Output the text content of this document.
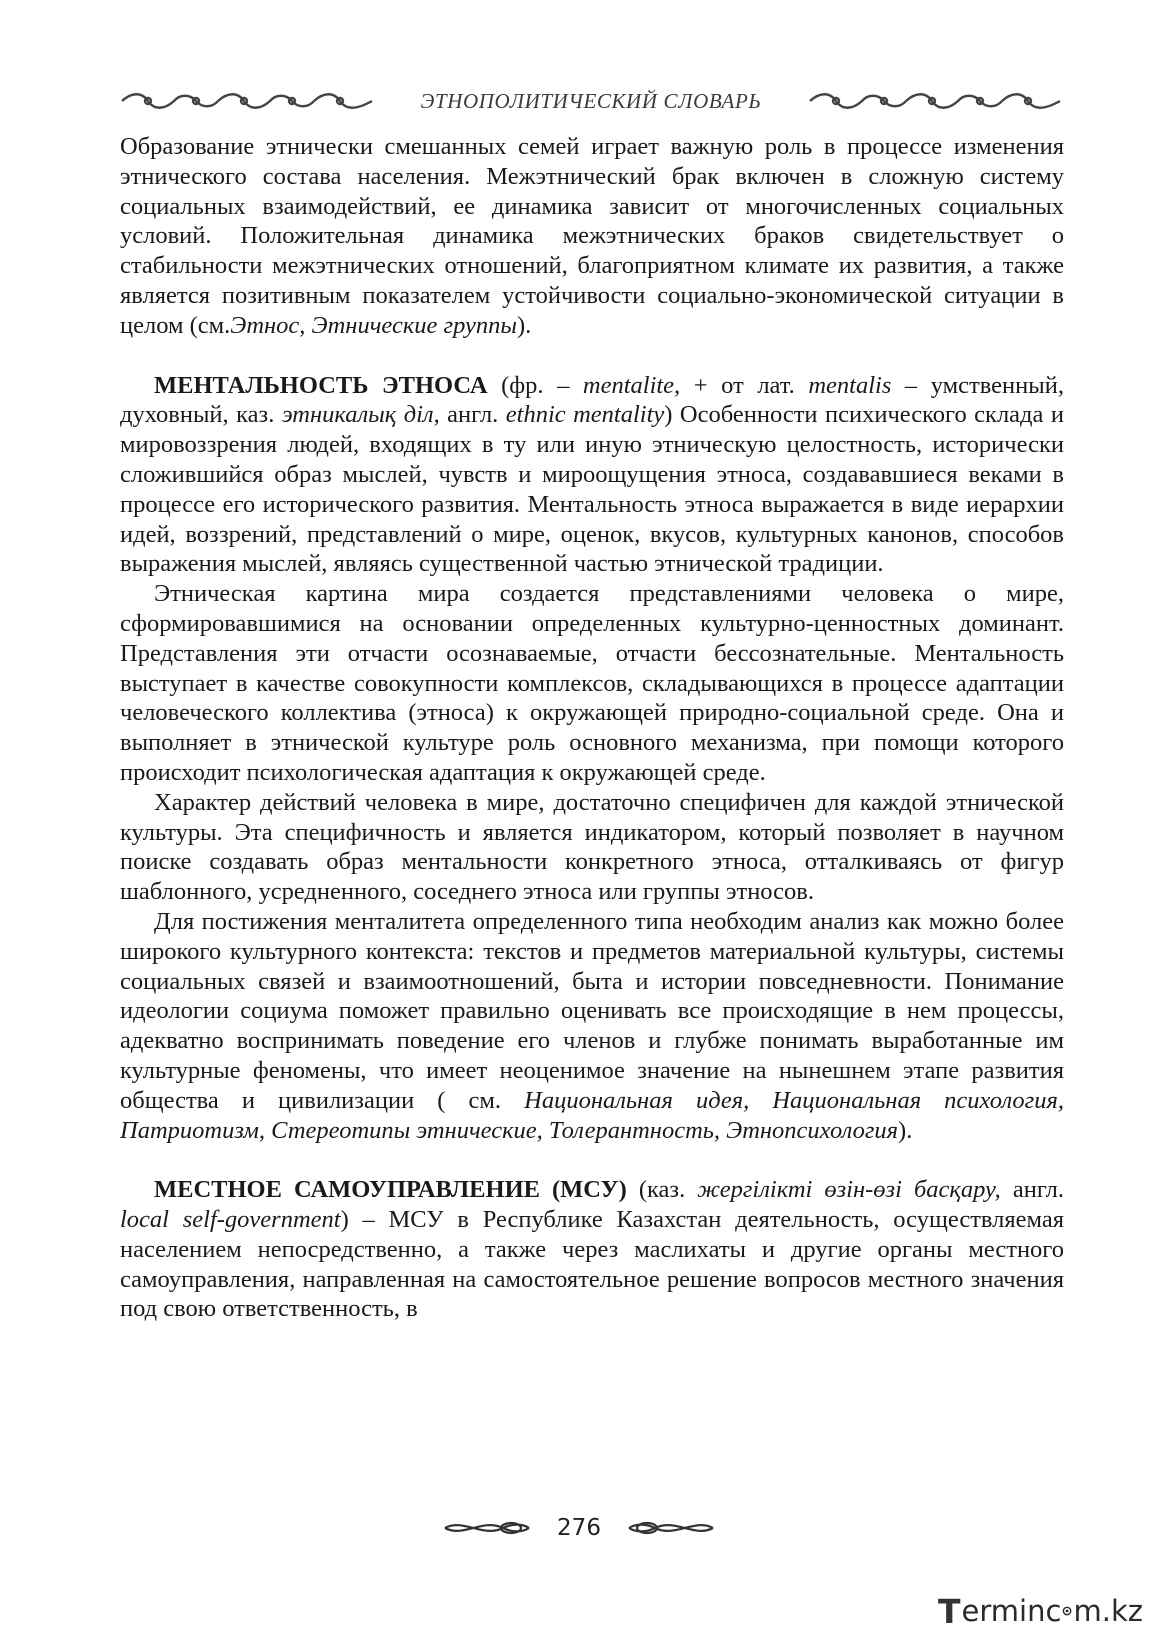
ЭТНОПОЛИТИЧЕСКИЙ СЛОВАРЬ

Образование этнически смешанных семей играет важную роль в процессе изменения этнического состава населения. Межэтнический брак включен в сложную систему социальных взаимодействий, ее динамика зависит от многочисленных социальных условий. Положительная динамика межэтнических браков свидетельствует о стабильности межэтнических отношений, благоприятном климате их развития, а также является позитивным показателем устойчивости социально-экономической ситуации в целом (см.Этнос, Этнические группы).

МЕНТАЛЬНОСТЬ ЭТНОСА (фр. – mentalite, + от лат. mentalis – умственный, духовный, каз. этникалық діл, англ. ethnic mentality) Особенности психического склада и мировоззрения людей, входящих в ту или иную этническую целостность, исторически сложившийся образ мыслей, чувств и мироощущения этноса, создававшиеся веками в процессе его исторического развития. Ментальность этноса выражается в виде иерархии идей, воззрений, представлений о мире, оценок, вкусов, культурных канонов, способов выражения мыслей, являясь существенной частью этнической традиции.

Этническая картина мира создается представлениями человека о мире, сформировавшимися на основании определенных культурно-ценностных доминант. Представления эти отчасти осознаваемые, отчасти бессознательные. Ментальность выступает в качестве совокупности комплексов, складывающихся в процессе адаптации человеческого коллектива (этноса) к окружающей природно-социальной среде. Она и выполняет в этнической культуре роль основного механизма, при помощи которого происходит психологическая адаптация к окружающей среде.

Характер действий человека в мире, достаточно специфичен для каждой этнической культуры. Эта специфичность и является индикатором, который позволяет в научном поиске создавать образ ментальности конкретного этноса, отталкиваясь от фигур шаблонного, усредненного, соседнего этноса или группы этносов.

Для постижения менталитета определенного типа необходим анализ как можно более широкого культурного контекста: текстов и предметов материальной культуры, системы социальных связей и взаимоотношений, быта и истории повседневности. Понимание идеологии социума поможет правильно оценивать все происходящие в нем процессы, адекватно воспринимать поведение его членов и глубже понимать выработанные им культурные феномены, что имеет неоценимое значение на нынешнем этапе развития общества и цивилизации ( см. Национальная идея, Национальная психология, Патриотизм, Стереотипы этнические, Толерантность, Этнопсихология).

МЕСТНОЕ САМОУПРАВЛЕНИЕ (МСУ) (каз. жергілікті өзін-өзі басқару, англ. local self-government) – МСУ в Республике Казахстан деятельность, осуществляемая населением непосредственно, а также через маслихаты и другие органы местного самоуправления, направленная на самостоятельное решение вопросов местного значения под свою ответственность, в

276
T erminc m.kz
